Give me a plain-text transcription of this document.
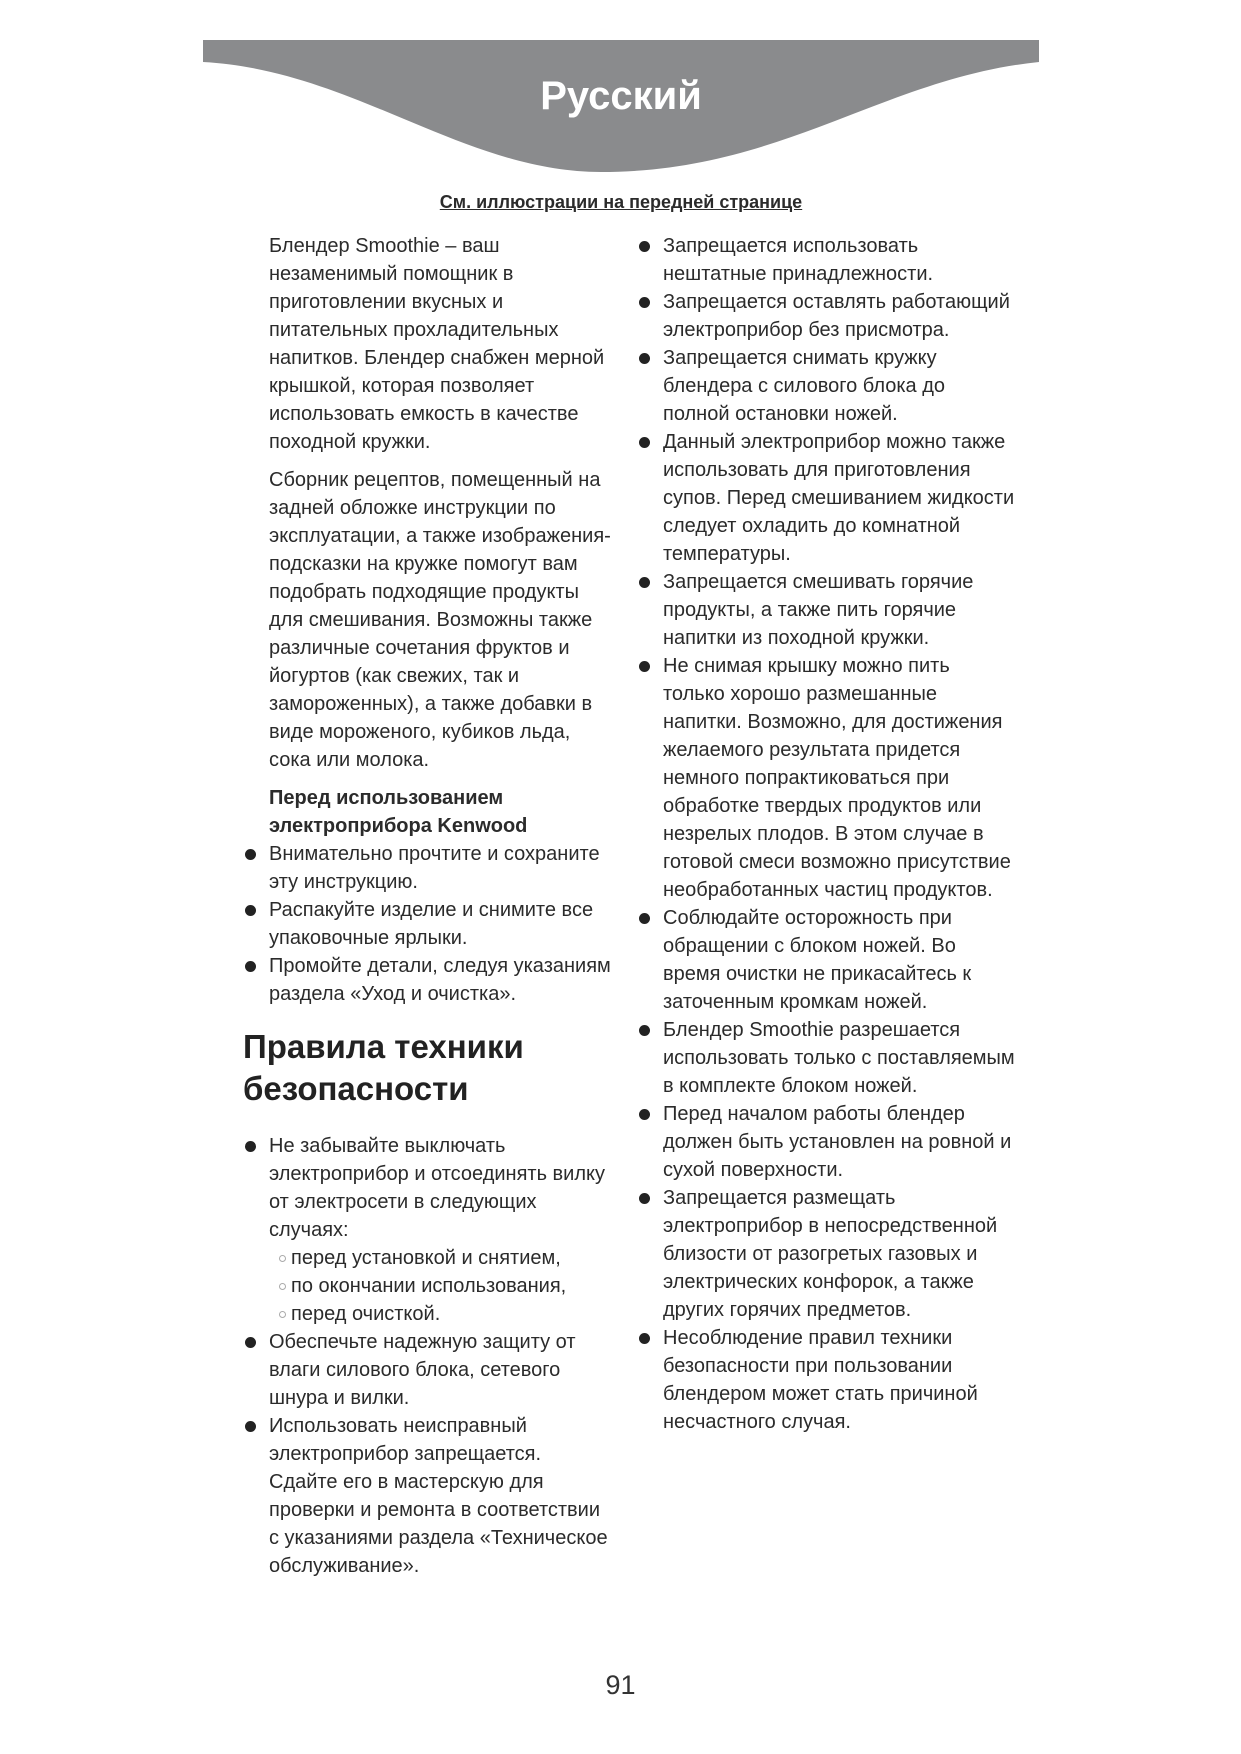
Русский
См. иллюстрации на передней странице

Блендер Smoothie – ваш незаменимый помощник в приготовлении вкусных и питательных прохладительных напитков. Блендер снабжен мерной крышкой, которая позволяет использовать емкость в качестве походной кружки.

Сборник рецептов, помещенный на задней обложке инструкции по эксплуатации, а также изображения-подсказки на кружке помогут вам подобрать подходящие продукты для смешивания. Возможны также различные сочетания фруктов и йогуртов (как свежих, так и замороженных), а также добавки в виде мороженого, кубиков льда, сока или молока.

Перед использованием электроприбора Kenwood

Внимательно прочтите и сохраните эту инструкцию.
Распакуйте изделие и снимите все упаковочные ярлыки.
Промойте детали, следуя указаниям раздела «Уход и очистка».
Правила техники безопасности
Не забывайте выключать электроприбор и отсоединять вилку от электросети в следующих случаях:
перед установкой и снятием,
по окончании использования,
перед очисткой.
Обеспечьте надежную защиту от влаги силового блока, сетевого шнура и вилки.
Использовать неисправный электроприбор запрещается. Сдайте его в мастерскую для проверки и ремонта в соответствии с указаниями раздела «Техническое обслуживание».
Запрещается использовать нештатные принадлежности.
Запрещается оставлять работающий электроприбор без присмотра.
Запрещается снимать кружку блендера с силового блока до полной остановки ножей.
Данный электроприбор можно также использовать для приготовления супов. Перед смешиванием жидкости следует охладить до комнатной температуры.
Запрещается смешивать горячие продукты, а также пить горячие напитки из походной кружки.
Не снимая крышку можно пить только хорошо размешанные напитки. Возможно, для достижения желаемого результата придется немного попрактиковаться при обработке твердых продуктов или незрелых плодов. В этом случае в готовой смеси возможно присутствие необработанных частиц продуктов.
Соблюдайте осторожность при обращении с блоком ножей. Во время очистки не прикасайтесь к заточенным кромкам ножей.
Блендер Smoothie разрешается использовать только с поставляемым в комплекте блоком ножей.
Перед началом работы блендер должен быть установлен на ровной и сухой поверхности.
Запрещается размещать электроприбор в непосредственной близости от разогретых газовых и электрических конфорок, а также других горячих предметов.
Несоблюдение правил техники безопасности при пользовании блендером может стать причиной несчастного случая.
91
